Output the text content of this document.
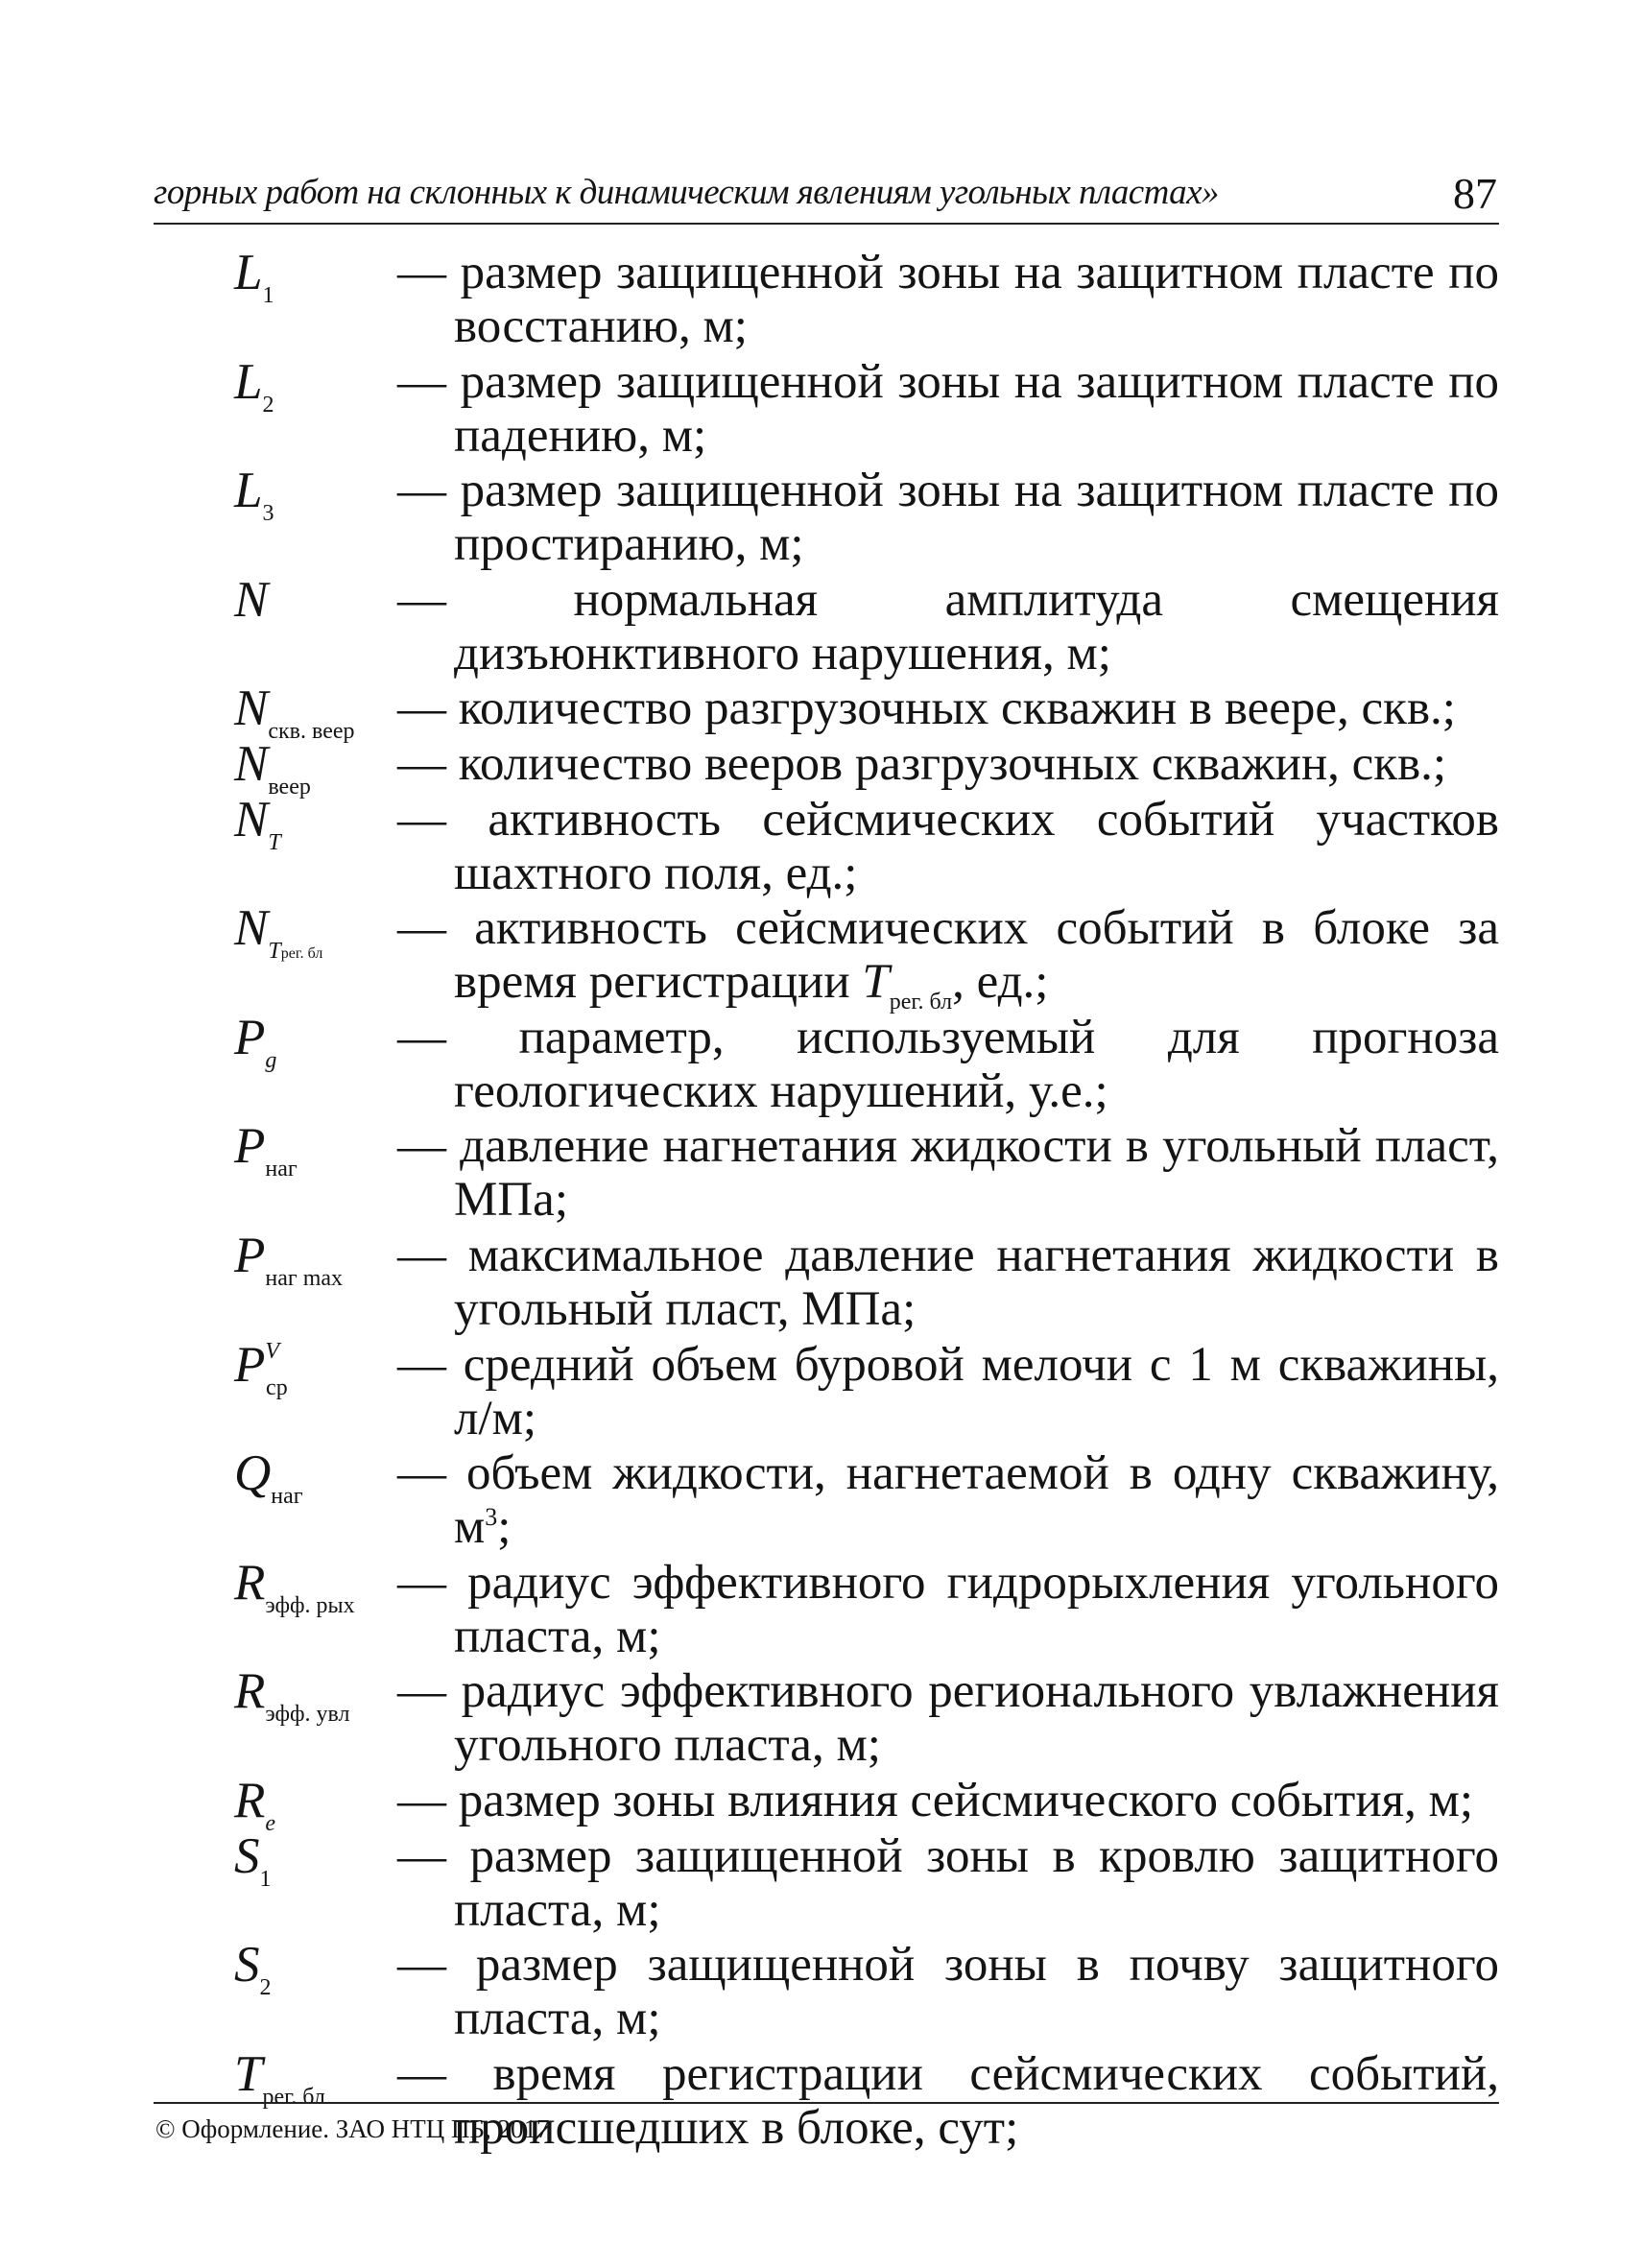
горных работ на склонных к динамическим явлениям угольных пластах»	87
$L_1$	— размер защищенной зоны на защитном пласте по восстанию, м;
$L_2$	— размер защищенной зоны на защитном пласте по падению, м;
$L_3$	— размер защищенной зоны на защитном пласте по простиранию, м;
N	— нормальная амплитуда смещения дизъюнктивного нарушения, м;
$N_{скв. веер}$ — количество разгрузочных скважин в веере, скв.;
$N_{веер}$ — количество вееров разгрузочных скважин, скв.;
$N_T$ — активность сейсмических событий участков шахтного поля, ед.;
$N_{Tрег. бл}$ — активность сейсмических событий в блоке за время регистрации $T_{рег. бл}$, ед.;
$P_g$ — параметр, используемый для прогноза геологических нарушений, у.е.;
$P_{наг}$ — давление нагнетания жидкости в угольный пласт, МПа;
$P_{наг max}$ — максимальное давление нагнетания жидкости в угольный пласт, МПа;
$P^V_{ср}$ — средний объем буровой мелочи с 1 м скважины, л/м;
$Q_{наг}$ — объем жидкости, нагнетаемой в одну скважину, $м^3$;
$R_{эфф. рых}$ — радиус эффективного гидрорыхления угольного пласта, м;
$R_{эфф. увл}$ — радиус эффективного регионального увлажнения угольного пласта, м;
$R_e$ — размер зоны влияния сейсмического события, м;
$S_1$	— размер защищенной зоны в кровлю защитного пласта, м;
$S_2$	— размер защищенной зоны в почву защитного пласта, м;
$T_{рег. бл}$ — время регистрации сейсмических событий, происшедших в блоке, сут;
© Оформление. ЗАО НТЦ ПБ, 2017
